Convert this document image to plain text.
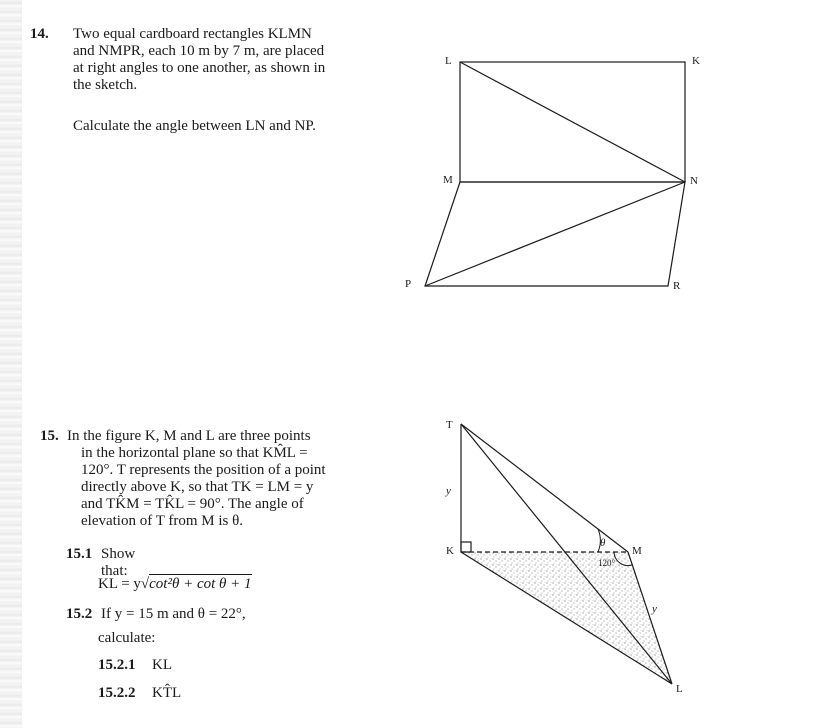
14. Two equal cardboard rectangles KLMN
and NMPR, each 10 m by 7 m, are placed
at right angles to one another, as shown in
the sketch.
Calculate the angle between LN and NP.
15. In the figure K, M and L are three points
in the horizontal plane so that KM̂L =
120°. T represents the position of a point
directly above K, so that TK = LM = y
and TK̂M = TK̂L = 90°. The angle of
elevation of T from M is θ.
15.1 Show that:
KL = y√cot²θ + cot θ + 1
15.2 If y = 15 m and θ = 22°,
calculate:
15.2.1 KL
15.2.2 KT̂L
L	K
M	N
P	R
T
K	M
L
y
y
θ
120°
